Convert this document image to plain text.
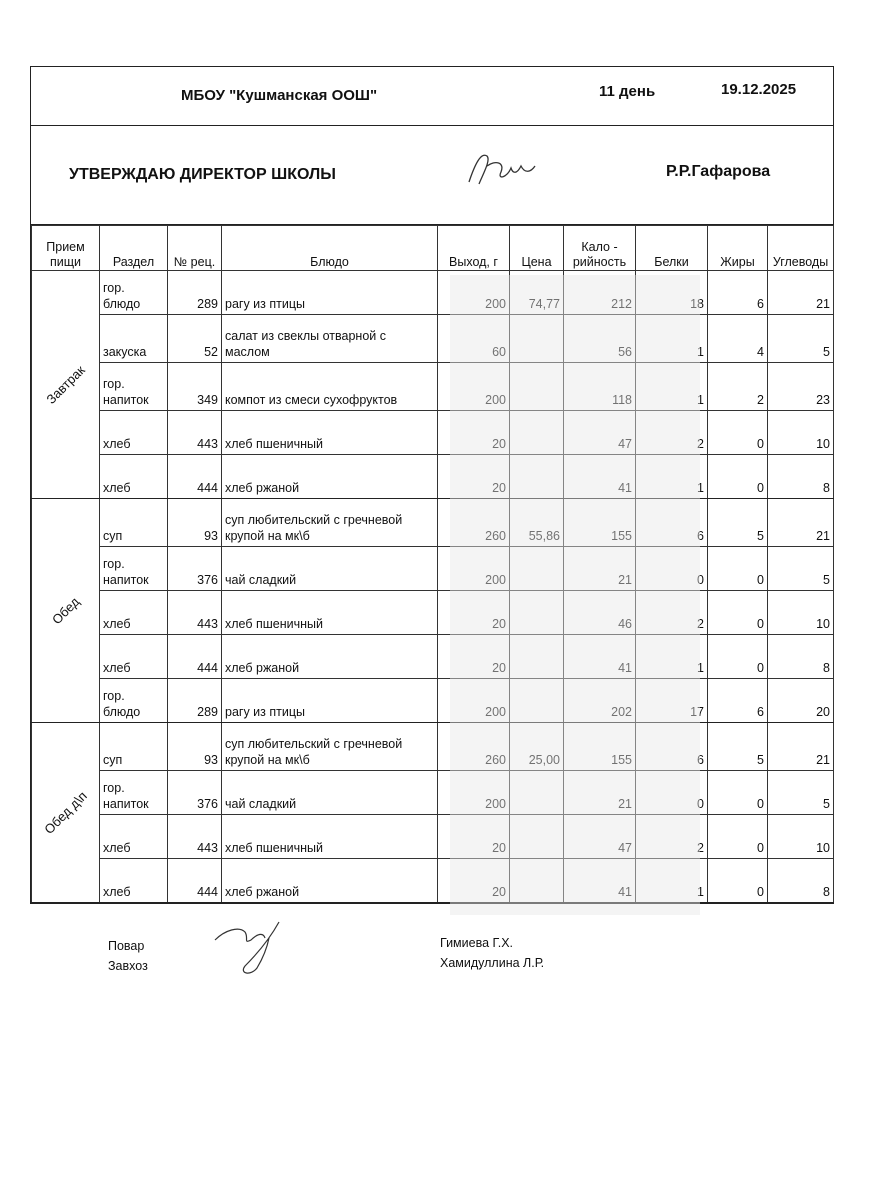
МБОУ "Кушманская ООШ"	11 день	19.12.2025
УТВЕРЖДАЮ ДИРЕКТОР ШКОЛЫ	Р.Р.Гафарова
Прием пищи	Раздел	№ рец.	Блюдо	Выход, г	Цена	Кало - рийность	Белки	Жиры	Углеводы
Завтрак	гор. блюдо	289	рагу из птицы	200	74,77	212	18	6	21
	закуска	52	салат из свеклы отварной с маслом	60		56	1	4	5
	гор. напиток	349	компот из смеси сухофруктов	200		118	1	2	23
	хлеб	443	хлеб пшеничный	20		47	2	0	10
	хлеб	444	хлеб ржаной	20		41	1	0	8
Обед	суп	93	суп любительский с гречневой крупой на мк\б	260	55,86	155	6	5	21
	гор. напиток	376	чай сладкий	200		21	0	0	5
	хлеб	443	хлеб пшеничный	20		46	2	0	10
	хлеб	444	хлеб ржаной	20		41	1	0	8
	гор. блюдо	289	рагу из птицы	200		202	17	6	20
Обед д\п	суп	93	суп любительский с гречневой крупой на мк\б	260	25,00	155	6	5	21
	гор. напиток	376	чай сладкий	200		21	0	0	5
	хлеб	443	хлеб пшеничный	20		47	2	0	10
	хлеб	444	хлеб ржаной	20		41	1	0	8
Повар
Завхоз
Гимиева Г.Х.
Хамидуллина Л.Р.
